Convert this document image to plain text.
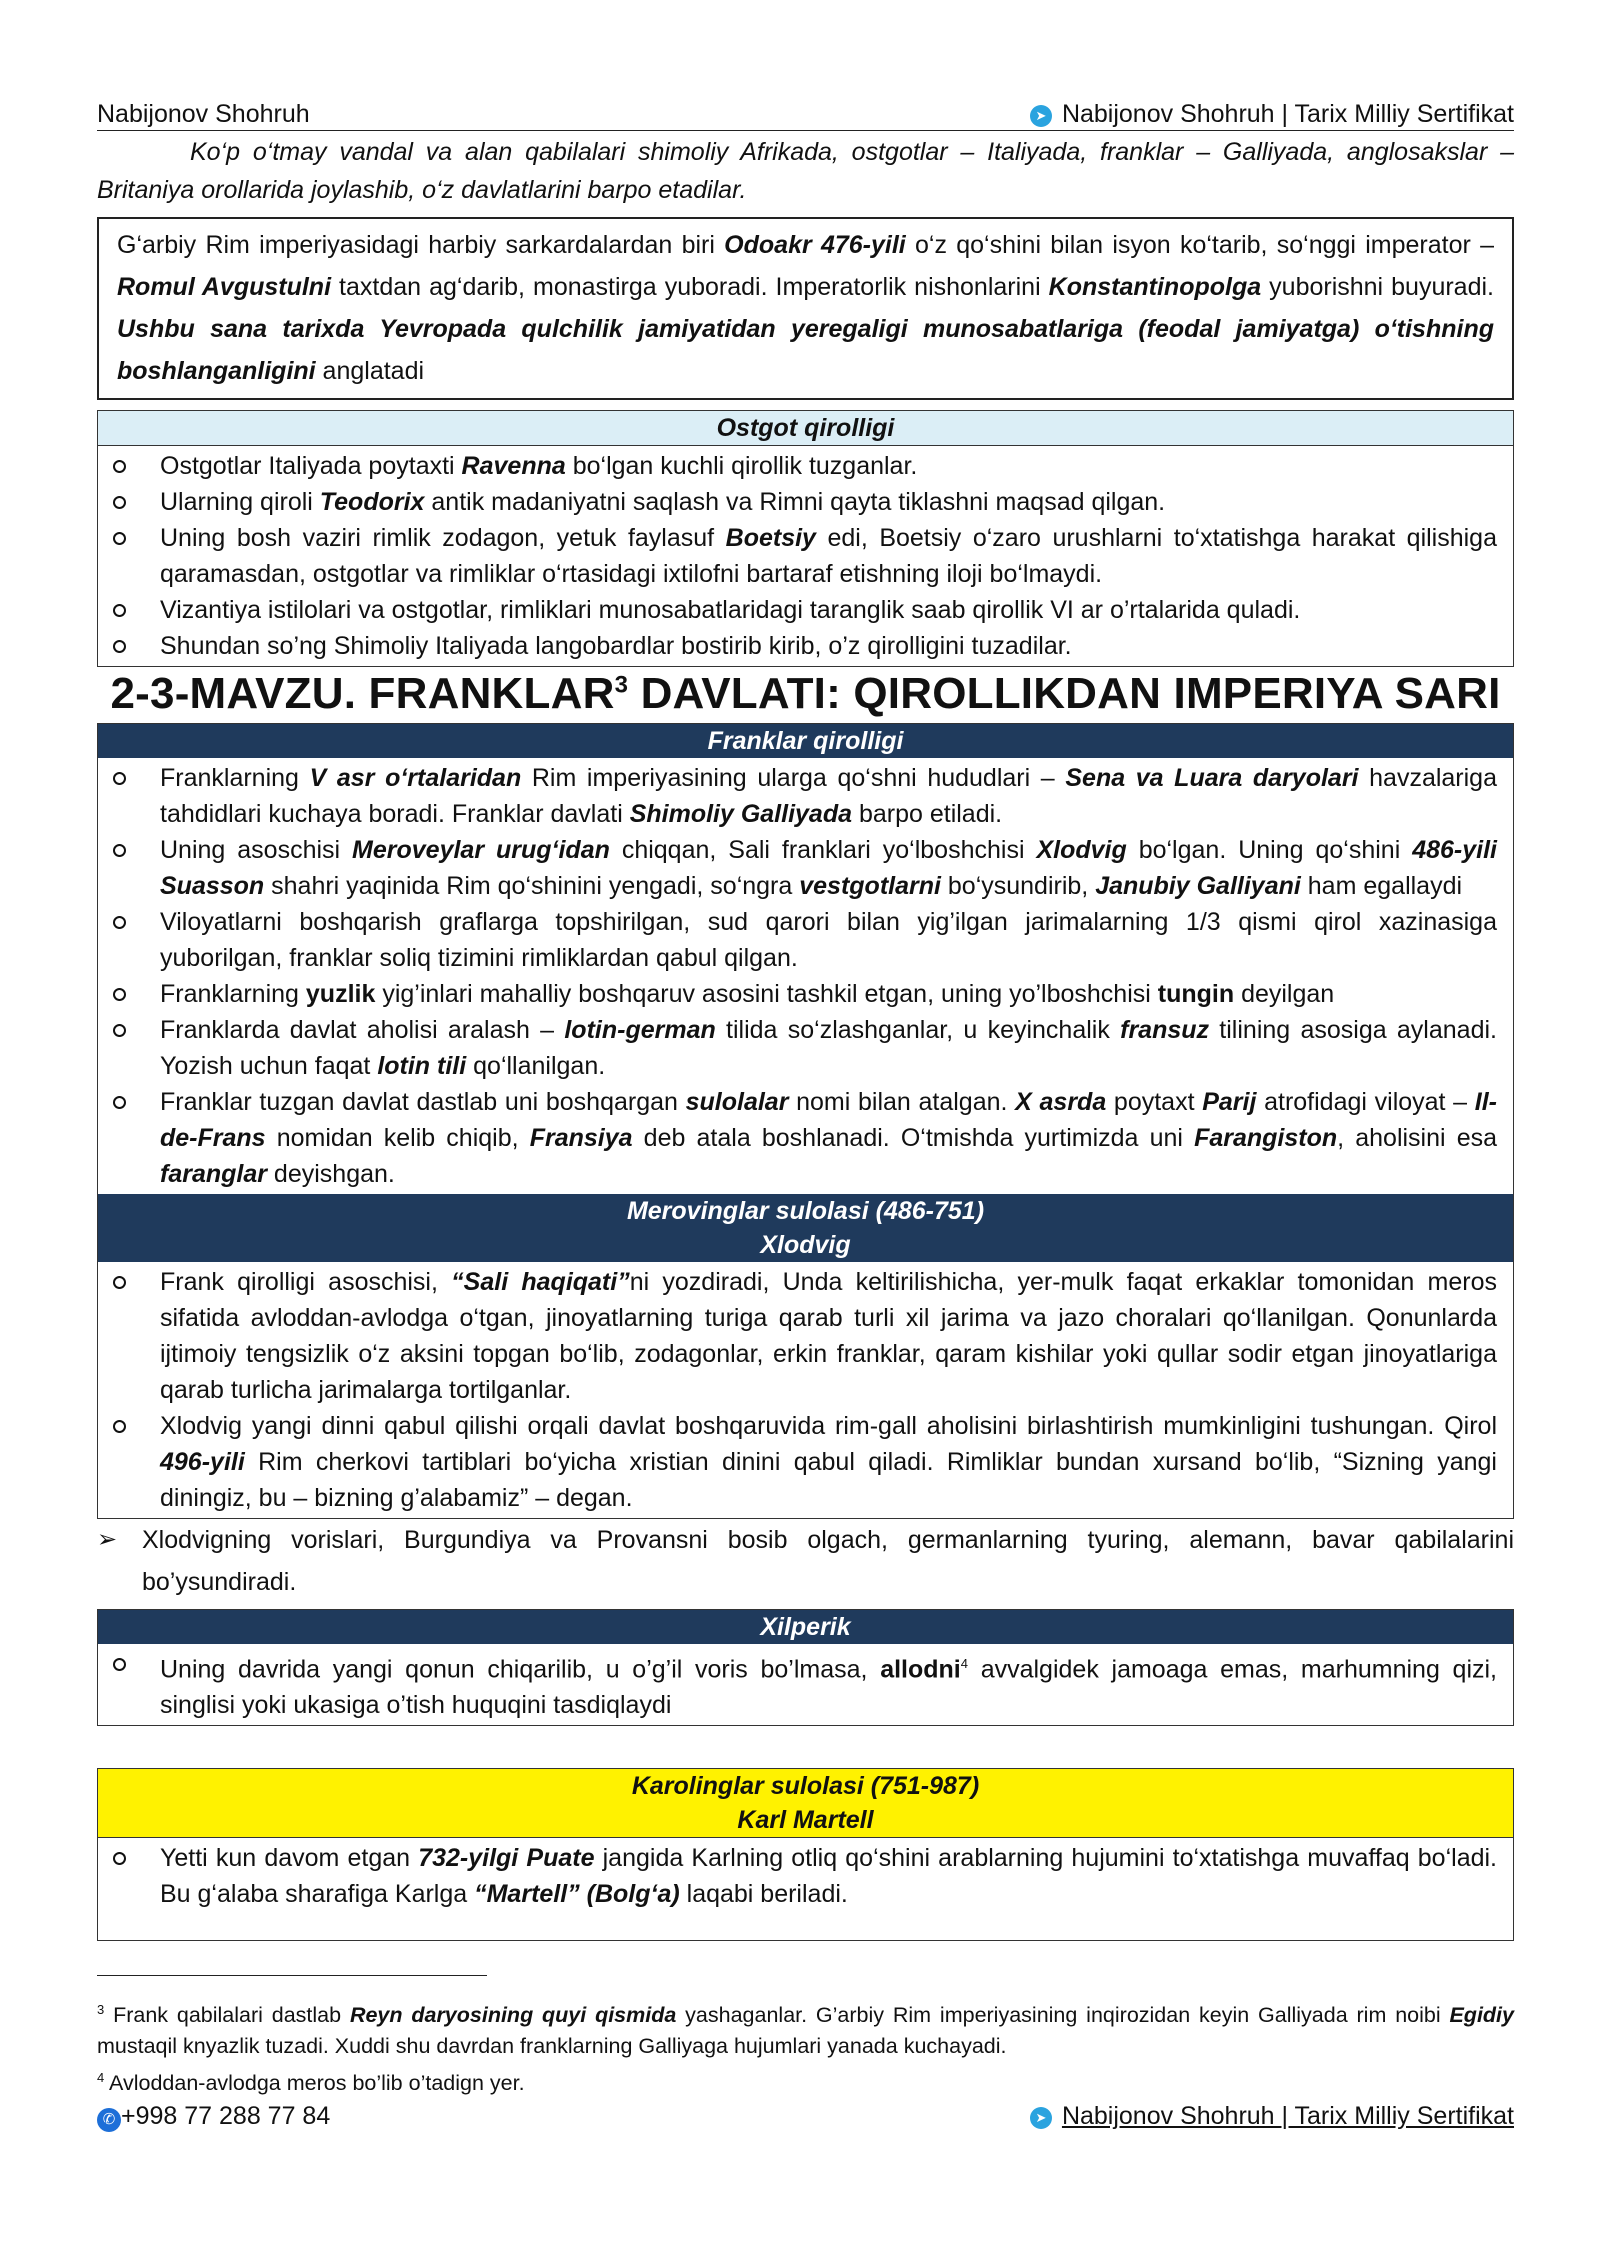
Nabijonov Shohruh	➤ Nabijonov Shohruh | Tarix Milliy Sertifikat
Ko‘p o‘tmay vandal va alan qabilalari shimoliy Afrikada, ostgotlar – Italiyada, franklar – Galliyada, anglosakslar – Britaniya orollarida joylashib, o‘z davlatlarini barpo etadilar.
G‘arbiy Rim imperiyasidagi harbiy sarkardalardan biri Odoakr 476-yili o‘z qo‘shini bilan isyon ko‘tarib, so‘nggi imperator – Romul Avgustulni taxtdan ag‘darib, monastirga yuboradi. Imperatorlik nishonlarini Konstantinopolga yuborishni buyuradi. Ushbu sana tarixda Yevropada qulchilik jamiyatidan yeregaligi munosabatlariga (feodal jamiyatga) o‘tishning boshlanganligini anglatadi
Ostgot qirolligi
Ostgotlar Italiyada poytaxti Ravenna bo‘lgan kuchli qirollik tuzganlar.
Ularning qiroli Teodorix antik madaniyatni saqlash va Rimni qayta tiklashni maqsad qilgan.
Uning bosh vaziri rimlik zodagon, yetuk faylasuf Boetsiy edi, Boetsiy o‘zaro urushlarni to‘xtatishga harakat qilishiga qaramasdan, ostgotlar va rimliklar o‘rtasidagi ixtilofni bartaraf etishning iloji bo‘lmaydi.
Vizantiya istilolari va ostgotlar, rimliklari munosabatlaridagi taranglik saab qirollik VI ar o’rtalarida quladi.
Shundan so’ng Shimoliy Italiyada langobardlar bostirib kirib, o’z qirolligini tuzadilar.
2-3-MAVZU. FRANKLAR$^3$ DAVLATI: QIROLLIKDAN IMPERIYA SARI
Franklar qirolligi
Franklarning V asr o‘rtalaridan Rim imperiyasining ularga qo‘shni hududlari – Sena va Luara daryolari havzalariga tahdidlari kuchaya boradi. Franklar davlati Shimoliy Galliyada barpo etiladi.
Uning asoschisi Meroveylar urug‘idan chiqqan, Sali franklari yo‘lboshchisi Xlodvig bo‘lgan. Uning qo‘shini 486-yili Suasson shahri yaqinida Rim qo‘shinini yengadi, so‘ngra vestgotlarni bo‘ysundirib, Janubiy Galliyani ham egallaydi
Viloyatlarni boshqarish graflarga topshirilgan, sud qarori bilan yig’ilgan jarimalarning 1/3 qismi qirol xazinasiga yuborilgan, franklar soliq tizimini rimliklardan qabul qilgan.
Franklarning yuzlik yig’inlari mahalliy boshqaruv asosini tashkil etgan, uning yo’lboshchisi tungin deyilgan
Franklarda davlat aholisi aralash – lotin-german tilida so‘zlashganlar, u keyinchalik fransuz tilining asosiga aylanadi. Yozish uchun faqat lotin tili qo‘llanilgan.
Franklar tuzgan davlat dastlab uni boshqargan sulolalar nomi bilan atalgan. X asrda poytaxt Parij atrofidagi viloyat – Il-de-Frans nomidan kelib chiqib, Fransiya deb atala boshlanadi. O‘tmishda yurtimizda uni Farangiston, aholisini esa faranglar deyishgan.
Merovinglar sulolasi (486-751)
Xlodvig
Frank qirolligi asoschisi, “Sali haqiqati”ni yozdiradi, Unda keltirilishicha, yer-mulk faqat erkaklar tomonidan meros sifatida avloddan-avlodga o‘tgan, jinoyatlarning turiga qarab turli xil jarima va jazo choralari qo‘llanilgan. Qonunlarda ijtimoiy tengsizlik o‘z aksini topgan bo‘lib, zodagonlar, erkin franklar, qaram kishilar yoki qullar sodir etgan jinoyatlariga qarab turlicha jarimalarga tortilganlar.
Xlodvig yangi dinni qabul qilishi orqali davlat boshqaruvida rim-gall aholisini birlashtirish mumkinligini tushungan. Qirol 496-yili Rim cherkovi tartiblari bo‘yicha xristian dinini qabul qiladi. Rimliklar bundan xursand bo‘lib, “Sizning yangi diningiz, bu – bizning g’alabamiz” – degan.
➢ Xlodvigning vorislari, Burgundiya va Provansni bosib olgach, germanlarning tyuring, alemann, bavar qabilalarini bo’ysundiradi.
Xilperik
Uning davrida yangi qonun chiqarilib, u o’g’il voris bo’lmasa, allodni$^4$ avvalgidek jamoaga emas, marhumning qizi, singlisi yoki ukasiga o’tish huquqini tasdiqlaydi
Karolinglar sulolasi (751-987)
Karl Martell
Yetti kun davom etgan 732-yilgi Puate jangida Karlning otliq qo‘shini arablarning hujumini to‘xtatishga muvaffaq bo‘ladi. Bu g‘alaba sharafiga Karlga “Martell” (Bolg‘a) laqabi beriladi.
$^3$ Frank qabilalari dastlab Reyn daryosining quyi qismida yashaganlar. G’arbiy Rim imperiyasining inqirozidan keyin Galliyada rim noibi Egidiy mustaqil knyazlik tuzadi. Xuddi shu davrdan franklarning Galliyaga hujumlari yanada kuchayadi.
$^4$ Avloddan-avlodga meros bo’lib o’tadign yer.
✆ +998 77 288 77 84	➤ Nabijonov Shohruh | Tarix Milliy Sertifikat
